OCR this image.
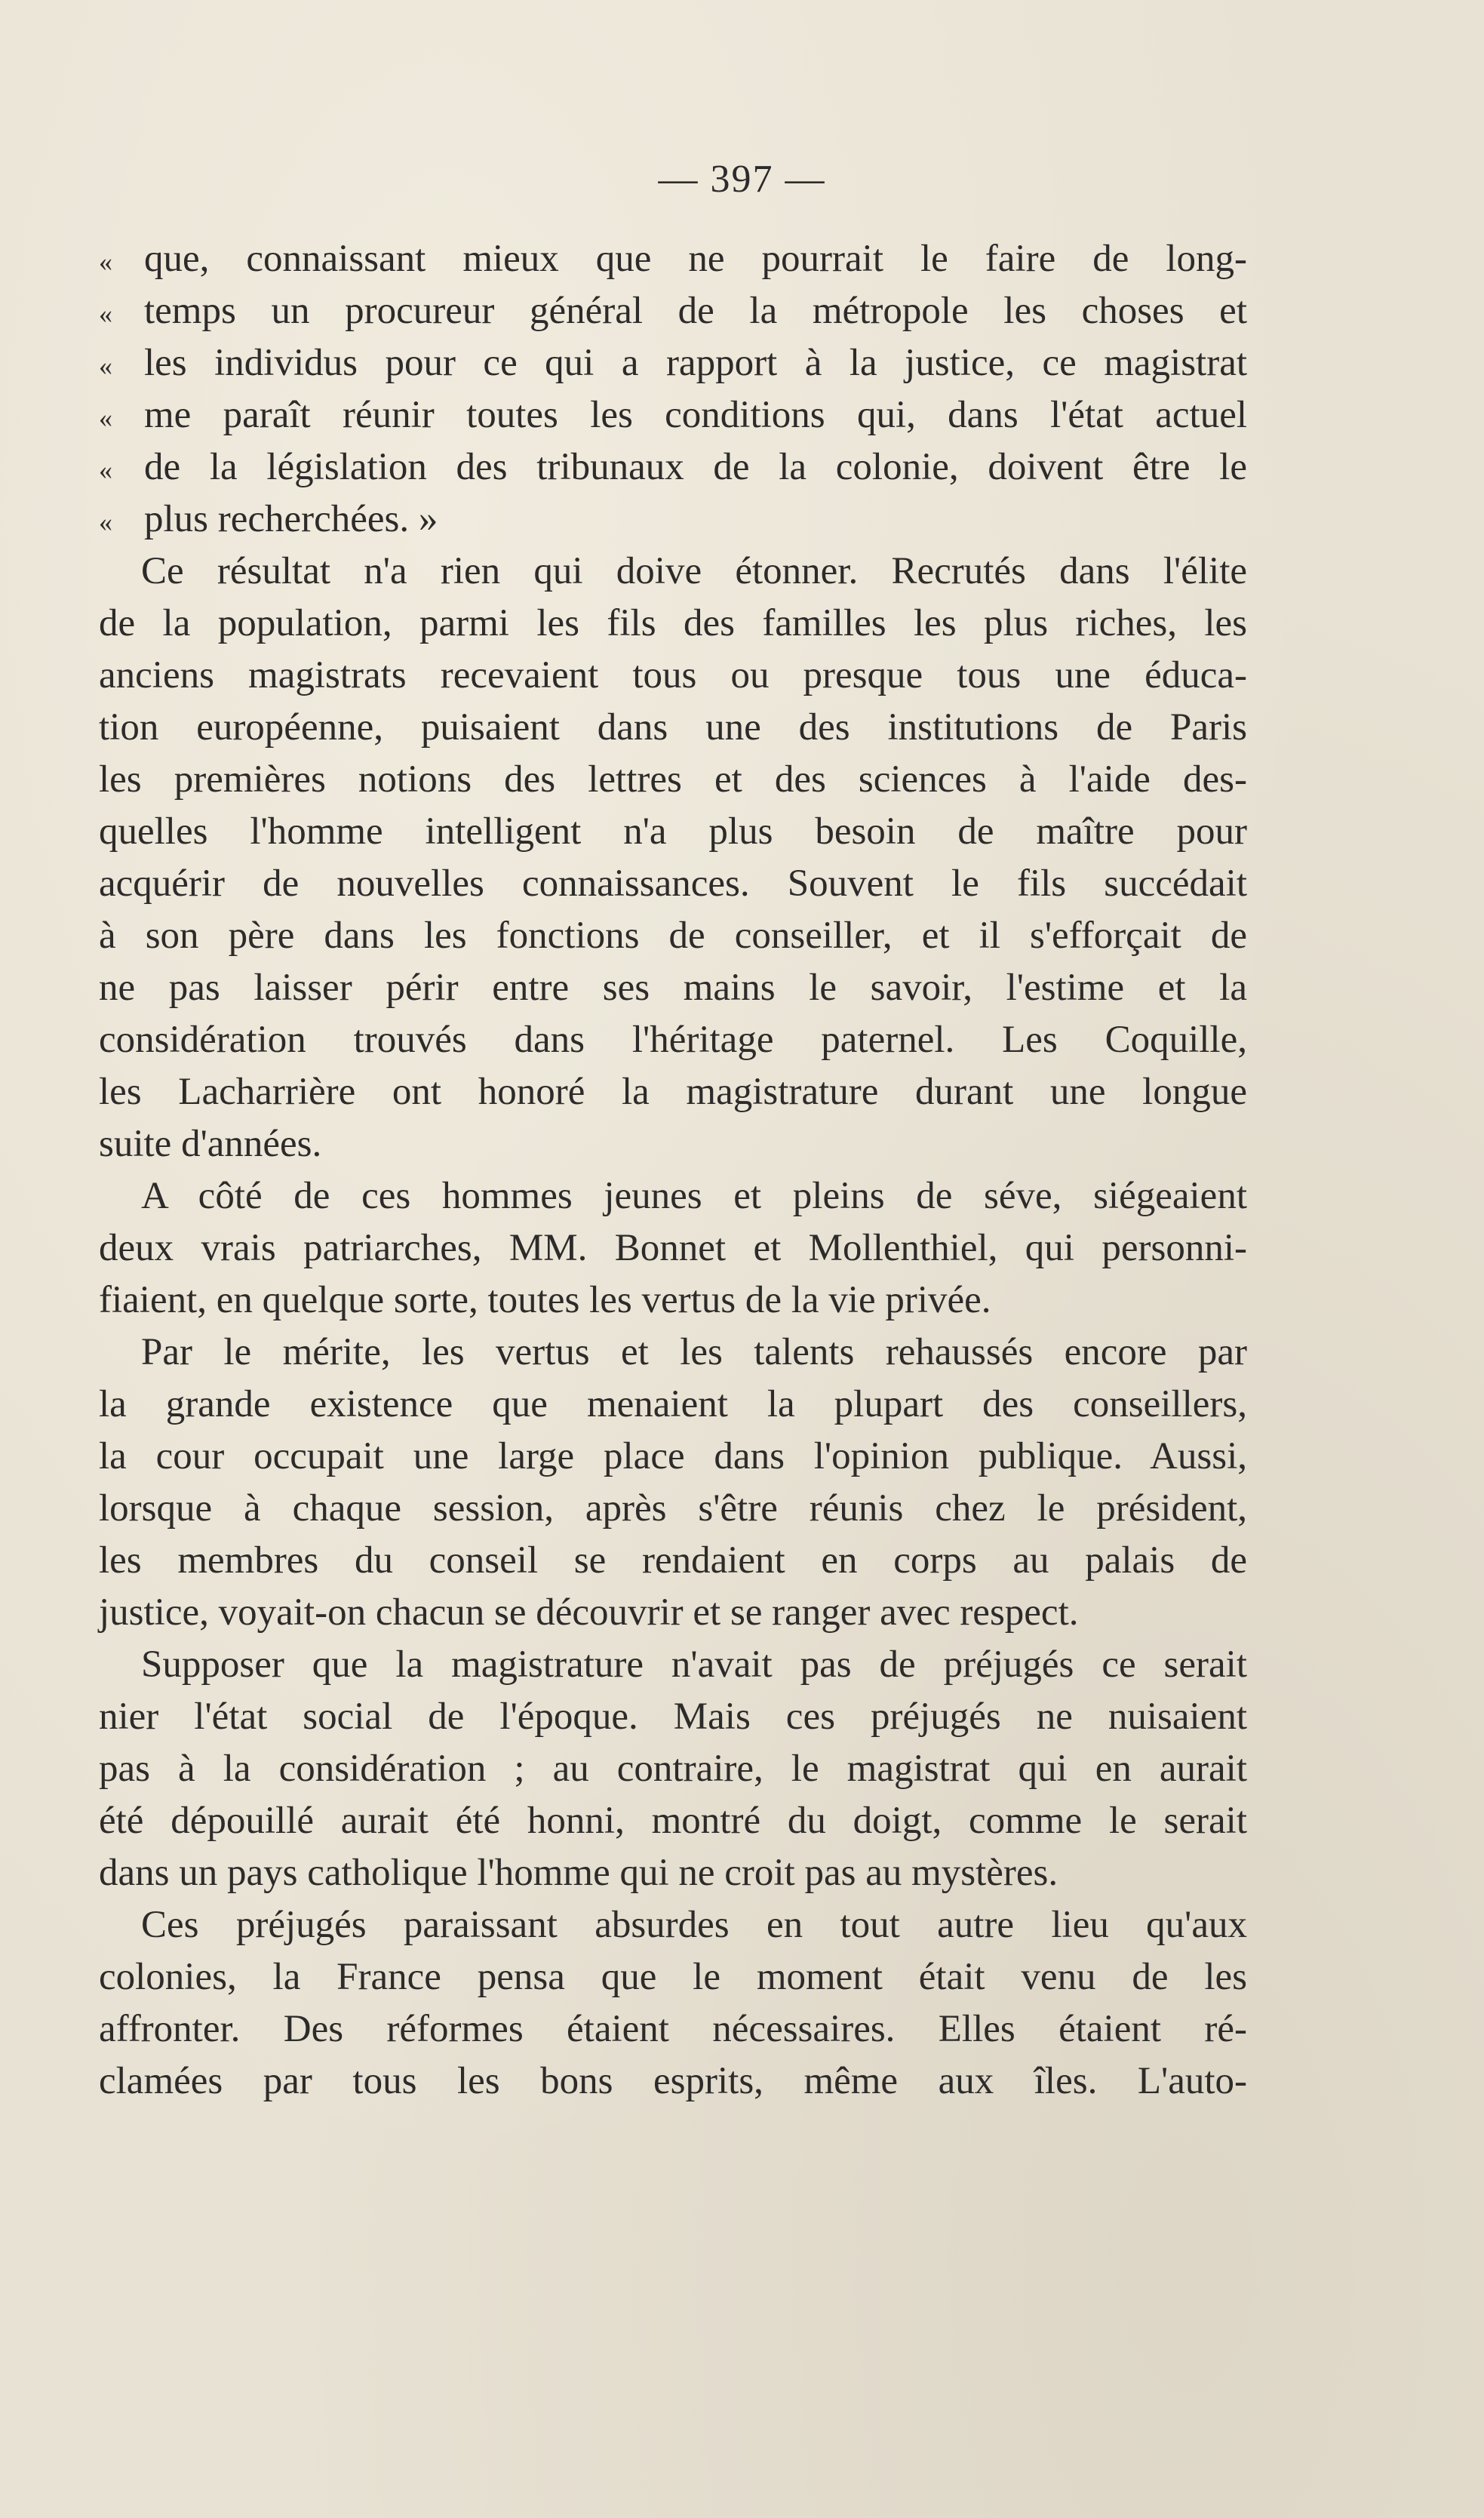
— 397 —
« que, connaissant mieux que ne pourrait le faire de long-
« temps un procureur général de la métropole les choses et
« les individus pour ce qui a rapport à la justice, ce magistrat
« me paraît réunir toutes les conditions qui, dans l'état actuel
« de la législation des tribunaux de la colonie, doivent être le
« plus recherchées. »
Ce résultat n'a rien qui doive étonner. Recrutés dans l'élite
de la population, parmi les fils des familles les plus riches, les
anciens magistrats recevaient tous ou presque tous une éduca-
tion européenne, puisaient dans une des institutions de Paris
les premières notions des lettres et des sciences à l'aide des-
quelles l'homme intelligent n'a plus besoin de maître pour
acquérir de nouvelles connaissances. Souvent le fils succédait
à son père dans les fonctions de conseiller, et il s'efforçait de
ne pas laisser périr entre ses mains le savoir, l'estime et la
considération trouvés dans l'héritage paternel. Les Coquille,
les Lacharrière ont honoré la magistrature durant une longue
suite d'années.
A côté de ces hommes jeunes et pleins de séve, siégeaient
deux vrais patriarches, MM. Bonnet et Mollenthiel, qui personni-
fiaient, en quelque sorte, toutes les vertus de la vie privée.
Par le mérite, les vertus et les talents rehaussés encore par
la grande existence que menaient la plupart des conseillers,
la cour occupait une large place dans l'opinion publique. Aussi,
lorsque à chaque session, après s'être réunis chez le président,
les membres du conseil se rendaient en corps au palais de
justice, voyait-on chacun se découvrir et se ranger avec respect.
Supposer que la magistrature n'avait pas de préjugés ce serait
nier l'état social de l'époque. Mais ces préjugés ne nuisaient
pas à la considération ; au contraire, le magistrat qui en aurait
été dépouillé aurait été honni, montré du doigt, comme le serait
dans un pays catholique l'homme qui ne croit pas au mystères.
Ces préjugés paraissant absurdes en tout autre lieu qu'aux
colonies, la France pensa que le moment était venu de les
affronter. Des réformes étaient nécessaires. Elles étaient ré-
clamées par tous les bons esprits, même aux îles. L'auto-
